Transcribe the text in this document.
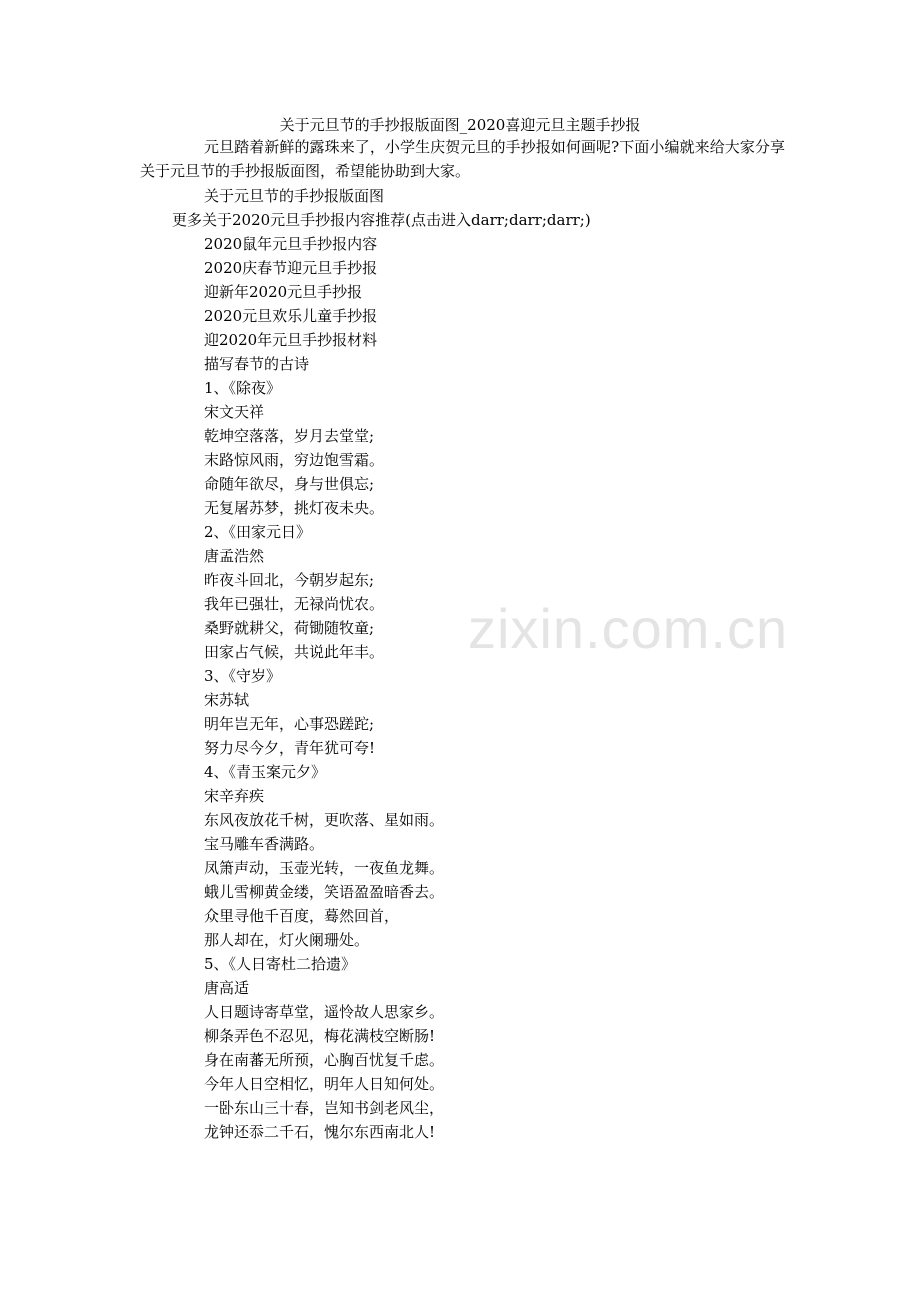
zixin.com.cn
关于元旦节的手抄报版面图_2020喜迎元旦主题手抄报
元旦踏着新鲜的露珠来了，小学生庆贺元旦的手抄报如何画呢?下面小编就来给大家分享关于元旦节的手抄报版面图，希望能协助到大家。
关于元旦节的手抄报版面图
更多关于2020元旦手抄报内容推荐(点击进入darr;darr;darr;)
2020鼠年元旦手抄报内容
2020庆春节迎元旦手抄报
迎新年2020元旦手抄报
2020元旦欢乐儿童手抄报
迎2020年元旦手抄报材料
描写春节的古诗
1、《除夜》
宋文天祥
乾坤空落落，岁月去堂堂;
末路惊风雨，穷边饱雪霜。
命随年欲尽，身与世俱忘;
无复屠苏梦，挑灯夜未央。
2、《田家元日》
唐孟浩然
昨夜斗回北，今朝岁起东;
我年已强壮，无禄尚忧农。
桑野就耕父，荷锄随牧童;
田家占气候，共说此年丰。
3、《守岁》
宋苏轼
明年岂无年，心事恐蹉跎;
努力尽今夕，青年犹可夸!
4、《青玉案元夕》
宋辛弃疾
东风夜放花千树，更吹落、星如雨。
宝马雕车香满路。
凤箫声动，玉壶光转，一夜鱼龙舞。
蛾儿雪柳黄金缕，笑语盈盈暗香去。
众里寻他千百度，蓦然回首，
那人却在，灯火阑珊处。
5、《人日寄杜二拾遗》
唐高适
人日题诗寄草堂，遥怜故人思家乡。
柳条弄色不忍见，梅花满枝空断肠!
身在南蕃无所预，心胸百忧复千虑。
今年人日空相忆，明年人日知何处。
一卧东山三十春，岂知书剑老风尘，
龙钟还忝二千石，愧尔东西南北人!
